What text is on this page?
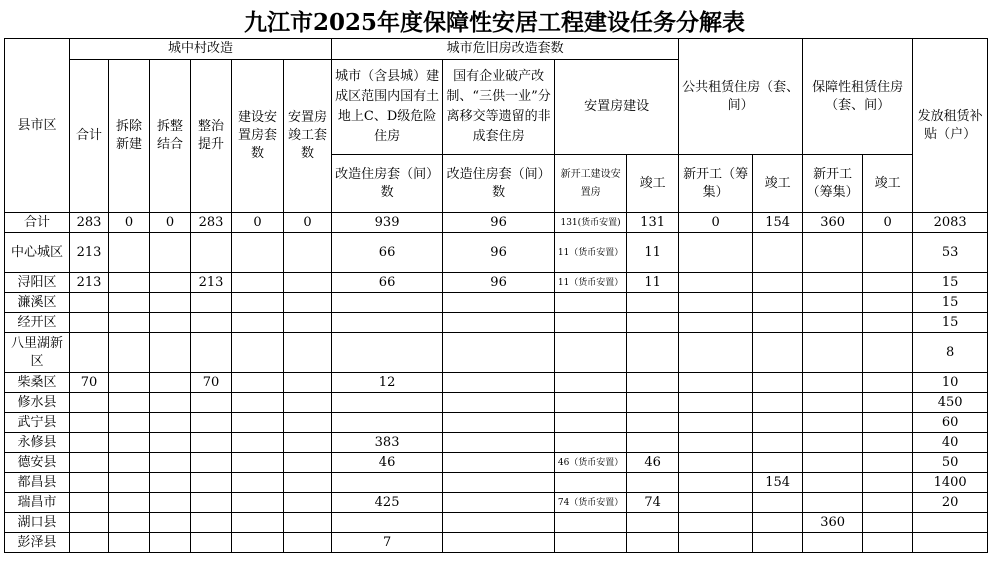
九江市2025年度保障性安居工程建设任务分解表
县市区	城中村改造						城市危旧房改造套数				公共租赁住房（套、间）		保障性租赁住房（套、间）		发放租赁补贴（户）
	合计	拆除新建	拆整结合	整治提升	建设安置房套数	安置房竣工套数	城市（含县城）建成区范围内国有土地上C、D级危险住房	国有企业破产改制、“三供一业”分离移交等遗留的非成套住房	安置房建设						
							改造住房套（间）数	改造住房套（间）数	新开工建设安置房	竣工	新开工（筹集）	竣工	新开工（筹集）	竣工	
合计	283	0	0	283	0	0	939	96	131(货币安置)	131	0	154	360	0	2083
中心城区	213						66	96	11（货币安置）	11					53
浔阳区	213			213			66	96	11（货币安置）	11					15
濂溪区															15
经开区															15
八里湖新区															8
柴桑区	70			70			12								10
修水县															450
武宁县															60
永修县							383								40
德安县							46		46（货币安置）	46					50
都昌县												154			1400
瑞昌市							425		74（货币安置）	74					20
湖口县													360		
彭泽县							7								
